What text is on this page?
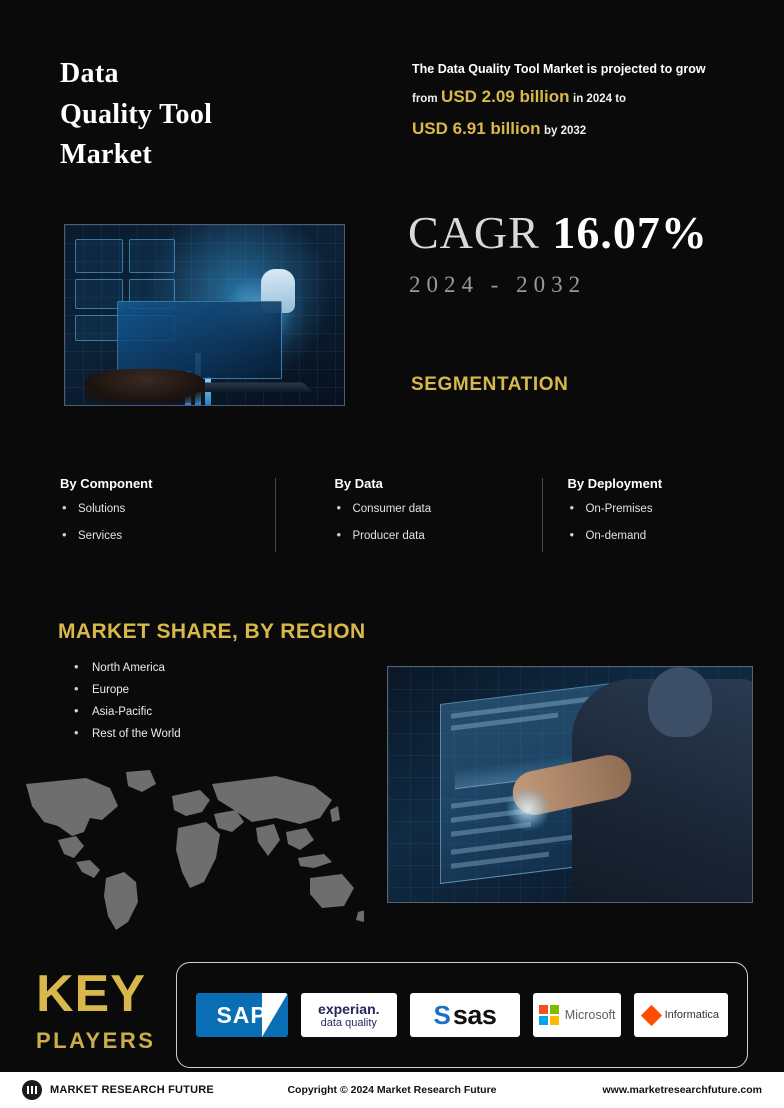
Data
Quality Tool
Market
The Data Quality Tool Market is projected to grow
from USD 2.09 billion in 2024 to
USD 6.91 billion by 2032
CAGR 16.07%
2024 - 2032
SEGMENTATION
By Component
• Solutions
• Services
By Data
• Consumer data
• Producer data
By Deployment
• On-Premises
• On-demand
MARKET SHARE, BY REGION
• North America
• Europe
• Asia-Pacific
• Rest of the World
KEY
PLAYERS
SAP	experian.
data quality S sas	Microsoft	Informatica
MARKET RESEARCH FUTURE	Copyright © 2024 Market Research Future	www.marketresearchfuture.com
